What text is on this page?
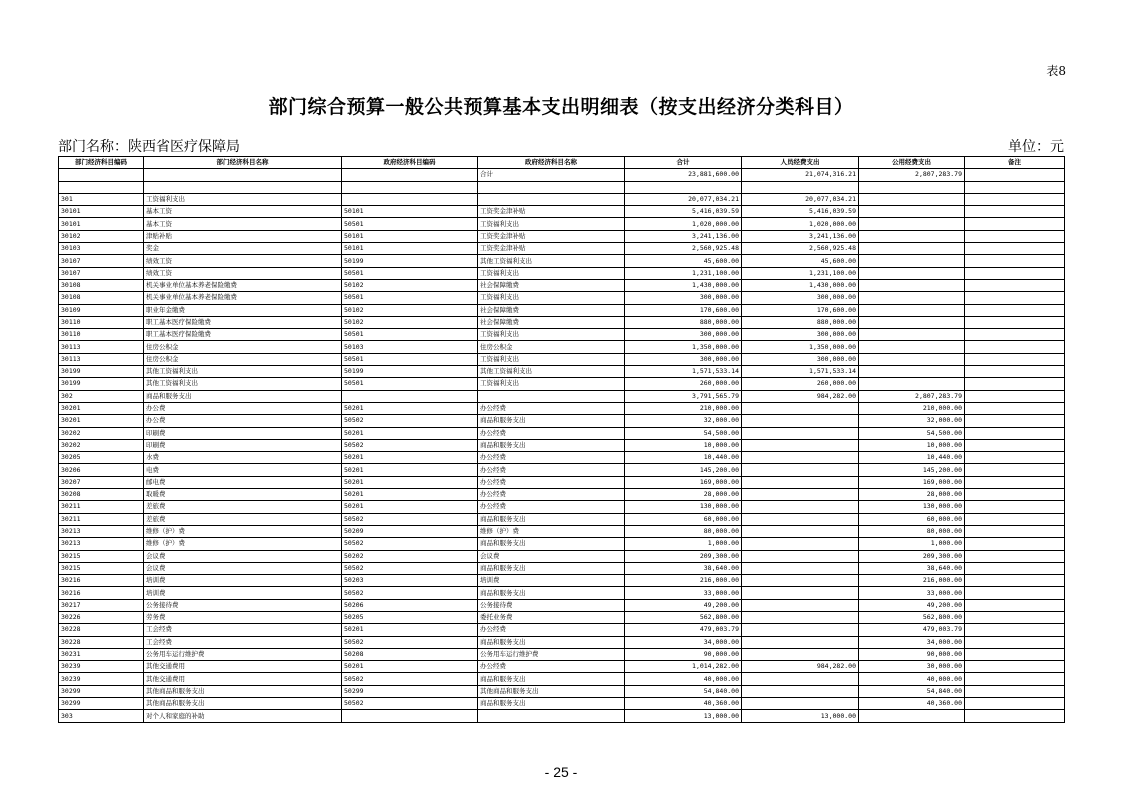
表8
部门综合预算一般公共预算基本支出明细表（按支出经济分类科目）
部门名称：陕西省医疗保障局	单位：元
部门经济科目编码	部门经济科目名称	政府经济科目编码	政府经济科目名称	合计	人员经费支出	公用经费支出	备注
			合计	23,881,600.00	21,074,316.21	2,807,283.79	

301	工资福利支出			20,077,034.21	20,077,034.21		
30101	基本工资	50101	工资奖金津补贴	5,416,039.59	5,416,039.59		
30101	基本工资	50501	工资福利支出	1,020,000.00	1,020,000.00		
30102	津贴补贴	50101	工资奖金津补贴	3,241,136.00	3,241,136.00		
30103	奖金	50101	工资奖金津补贴	2,560,925.48	2,560,925.48		
30107	绩效工资	50199	其他工资福利支出	45,600.00	45,600.00		
30107	绩效工资	50501	工资福利支出	1,231,100.00	1,231,100.00		
30108	机关事业单位基本养老保险缴费	50102	社会保障缴费	1,430,000.00	1,430,000.00		
30108	机关事业单位基本养老保险缴费	50501	工资福利支出	300,000.00	300,000.00		
30109	职业年金缴费	50102	社会保障缴费	170,600.00	170,600.00		
30110	职工基本医疗保险缴费	50102	社会保障缴费	880,000.00	880,000.00		
30110	职工基本医疗保险缴费	50501	工资福利支出	300,000.00	300,000.00		
30113	住房公积金	50103	住房公积金	1,350,000.00	1,350,000.00		
30113	住房公积金	50501	工资福利支出	300,000.00	300,000.00		
30199	其他工资福利支出	50199	其他工资福利支出	1,571,533.14	1,571,533.14		
30199	其他工资福利支出	50501	工资福利支出	260,000.00	260,000.00		
302	商品和服务支出			3,791,565.79	984,282.00	2,807,283.79	
30201	办公费	50201	办公经费	210,000.00		210,000.00	
30201	办公费	50502	商品和服务支出	32,000.00		32,000.00	
30202	印刷费	50201	办公经费	54,500.00		54,500.00	
30202	印刷费	50502	商品和服务支出	10,000.00		10,000.00	
30205	水费	50201	办公经费	10,440.00		10,440.00	
30206	电费	50201	办公经费	145,200.00		145,200.00	
30207	邮电费	50201	办公经费	169,000.00		169,000.00	
30208	取暖费	50201	办公经费	28,000.00		28,000.00	
30211	差旅费	50201	办公经费	130,000.00		130,000.00	
30211	差旅费	50502	商品和服务支出	60,000.00		60,000.00	
30213	维修（护）费	50209	维修（护）费	80,000.00		80,000.00	
30213	维修（护）费	50502	商品和服务支出	1,000.00		1,000.00	
30215	会议费	50202	会议费	209,300.00		209,300.00	
30215	会议费	50502	商品和服务支出	38,640.00		38,640.00	
30216	培训费	50203	培训费	216,000.00		216,000.00	
30216	培训费	50502	商品和服务支出	33,000.00		33,000.00	
30217	公务接待费	50206	公务接待费	49,200.00		49,200.00	
30226	劳务费	50205	委托业务费	562,800.00		562,800.00	
30228	工会经费	50201	办公经费	479,003.79		479,003.79	
30228	工会经费	50502	商品和服务支出	34,000.00		34,000.00	
30231	公务用车运行维护费	50208	公务用车运行维护费	90,000.00		90,000.00	
30239	其他交通费用	50201	办公经费	1,014,282.00	984,282.00	30,000.00	
30239	其他交通费用	50502	商品和服务支出	40,000.00		40,000.00	
30299	其他商品和服务支出	50299	其他商品和服务支出	54,840.00		54,840.00	
30299	其他商品和服务支出	50502	商品和服务支出	40,360.00		40,360.00	
303	对个人和家庭的补助			13,000.00	13,000.00		
- 25 -
